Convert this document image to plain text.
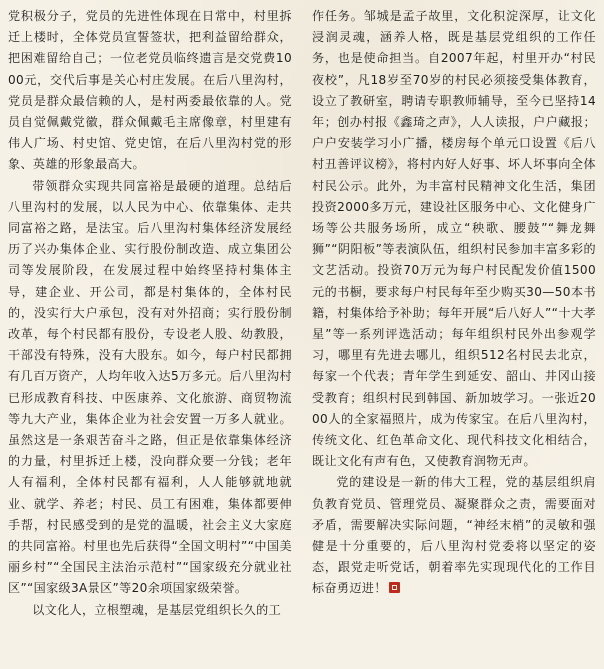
党积极分子，党员的先进性体现在日常中，村里拆迁上楼时，全体党员宣誓签状，把利益留给群众，把困难留给自己；一位老党员临终遗言是交党费1000元，交代后事是关心村庄发展。在后八里沟村，党员是群众最信赖的人，是村两委最依靠的人。党员自觉佩戴党徽，群众佩戴毛主席像章，村里建有伟人广场、村史馆、党史馆，在后八里沟村党的形象、英雄的形象最高大。

带领群众实现共同富裕是最硬的道理。总结后八里沟村的发展，以人民为中心、依靠集体、走共同富裕之路，是法宝。后八里沟村集体经济发展经历了兴办集体企业、实行股份制改造、成立集团公司等发展阶段，在发展过程中始终坚持村集体主导，建企业、开公司，都是村集体的，全体村民的，没实行大户承包，没有对外招商；实行股份制改革，每个村民都有股份，专设老人股、幼教股，干部没有特殊，没有大股东。如今，每户村民都拥有几百万资产，人均年收入达5万多元。后八里沟村已形成教育科技、中医康养、文化旅游、商贸物流等九大产业，集体企业为社会安置一万多人就业。虽然这是一条艰苦奋斗之路，但正是依靠集体经济的力量，村里拆迁上楼，没向群众要一分钱；老年人有福利，全体村民都有福利，人人能够就地就业、就学、养老；村民、员工有困难，集体都要伸手帮，村民感受到的是党的温暖，社会主义大家庭的共同富裕。村里也先后获得“全国文明村”“中国美丽乡村”“全国民主法治示范村”“国家级充分就业社区”“国家级3A景区”等20余项国家级荣誉。

以文化人，立根塑魂，是基层党组织长久的工

作任务。邹城是孟子故里，文化积淀深厚，让文化浸润灵魂，涵养人格，既是基层党组织的工作任务，也是使命担当。自2007年起，村里开办“村民夜校”，凡18岁至70岁的村民必须接受集体教育，设立了教研室，聘请专职教师辅导，至今已坚持14年；创办村报《鑫琦之声》，人人读报，户户藏报；户户安装学习小广播，楼房每个单元口设置《后八村丑善评议榜》，将村内好人好事、坏人坏事向全体村民公示。此外，为丰富村民精神文化生活，集团投资2000多万元，建设社区服务中心、文化健身广场等公共服务场所，成立“秧歌、腰鼓”“舞龙舞狮”“阴阳板”等表演队伍，组织村民参加丰富多彩的文艺活动。投资70万元为每户村民配发价值1500元的书橱，要求每户村民每年至少购买30—50本书籍，村集体给予补助；每年开展“后八好人”“十大孝星”等一系列评选活动；每年组织村民外出参观学习，哪里有先进去哪儿，组织512名村民去北京，每家一个代表；青年学生到延安、韶山、井冈山接受教育；组织村民到韩国、新加坡学习。一张近2000人的全家福照片，成为传家宝。在后八里沟村，传统文化、红色革命文化、现代科技文化相结合，既让文化有声有色，又使教育润物无声。

党的建设是一新的伟大工程，党的基层组织肩负教育党员、管理党员、凝聚群众之责，需要面对矛盾，需要解决实际问题，“神经末梢”的灵敏和强健是十分重要的，后八里沟村党委将以坚定的姿态，跟党走听党话，朝着率先实现现代化的工作目标奋勇迈进！
